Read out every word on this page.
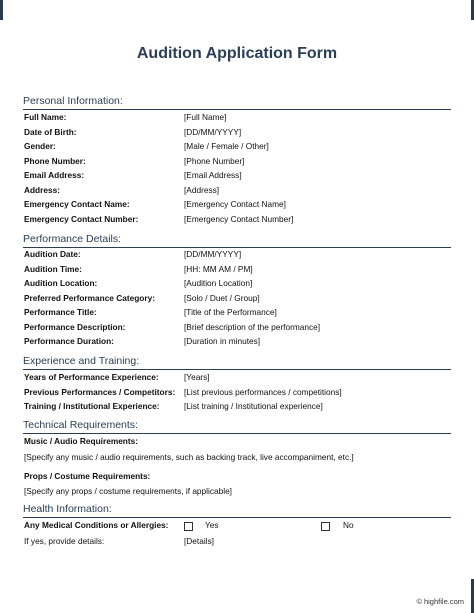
Audition Application Form
Personal Information:
Full Name:	[Full Name]
Date of Birth:	[DD/MM/YYYY]
Gender:	[Male / Female / Other]
Phone Number:	[Phone Number]
Email Address:	[Email Address]
Address:	[Address]
Emergency Contact Name:	[Emergency Contact Name]
Emergency Contact Number:	[Emergency Contact Number]
Performance Details:
Audition Date:	[DD/MM/YYYY]
Audition Time:	[HH: MM AM / PM]
Audition Location:	[Audition Location]
Preferred Performance Category:	[Solo / Duet / Group]
Performance Title:	[Title of the Performance]
Performance Description:	[Brief description of the performance]
Performance Duration:	[Duration in minutes]
Experience and Training:
Years of Performance Experience:	[Years]
Previous Performances / Competitors: [List previous performances / competitions]
Training / Institutional Experience:	[List training / Institutional experience]
Technical Requirements:
Music / Audio Requirements:
[Specify any music / audio requirements, such as backing track, live accompaniment, etc.]
Props / Costume Requirements:
[Specify any props / costume requirements, if applicable]
Health Information:
Any Medical Conditions or Allergies:	Yes	No
If yes, provide details:	[Details]
© highfile.com
